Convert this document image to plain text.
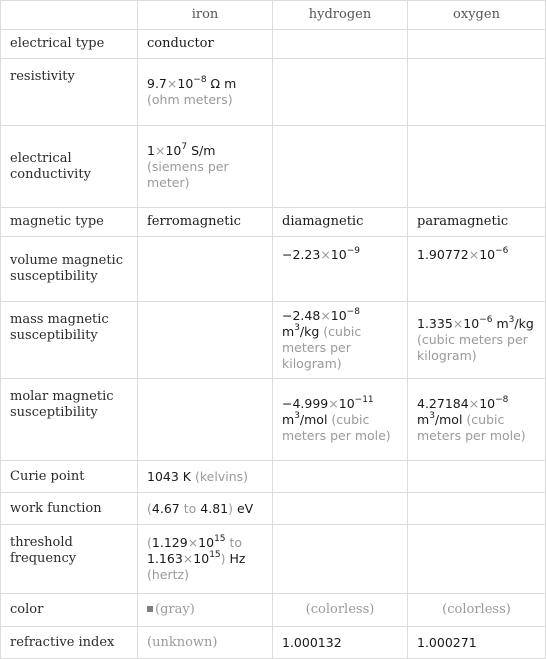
	iron	hydrogen	oxygen
electrical type	conductor		
resistivity	$9.7\times 10^{-8}$ Ω m
(ohm meters)		
electrical conductivity	$1\times 10^7$ S/m
(siemens per meter)		
magnetic type	ferromagnetic	diamagnetic	paramagnetic
volume magnetic susceptibility		$-2.23\times 10^{-9}$	$1.90772\times 10^{-6}$
mass magnetic susceptibility		$-2.48\times 10^{-8}$ $m^3/kg$ (cubic meters per kilogram)	$1.335\times 10^{-6}$ $m^3/kg$ (cubic meters per kilogram)
molar magnetic susceptibility		$-4.999\times 10^{-11}$ $m^3$/mol (cubic meters per mole)	$4.27184\times 10^{-8}$ $m^3$/mol (cubic meters per mole)
Curie point	1043 K (kelvins)		
work function	(4.67 to 4.81) eV		
threshold frequency	($1.129\times 10^{15}$ to
$1.163\times 10^{15}$) Hz
(hertz)		
color	(gray)	(colorless)	(colorless)
refractive index	(unknown)	1.000132	1.000271
